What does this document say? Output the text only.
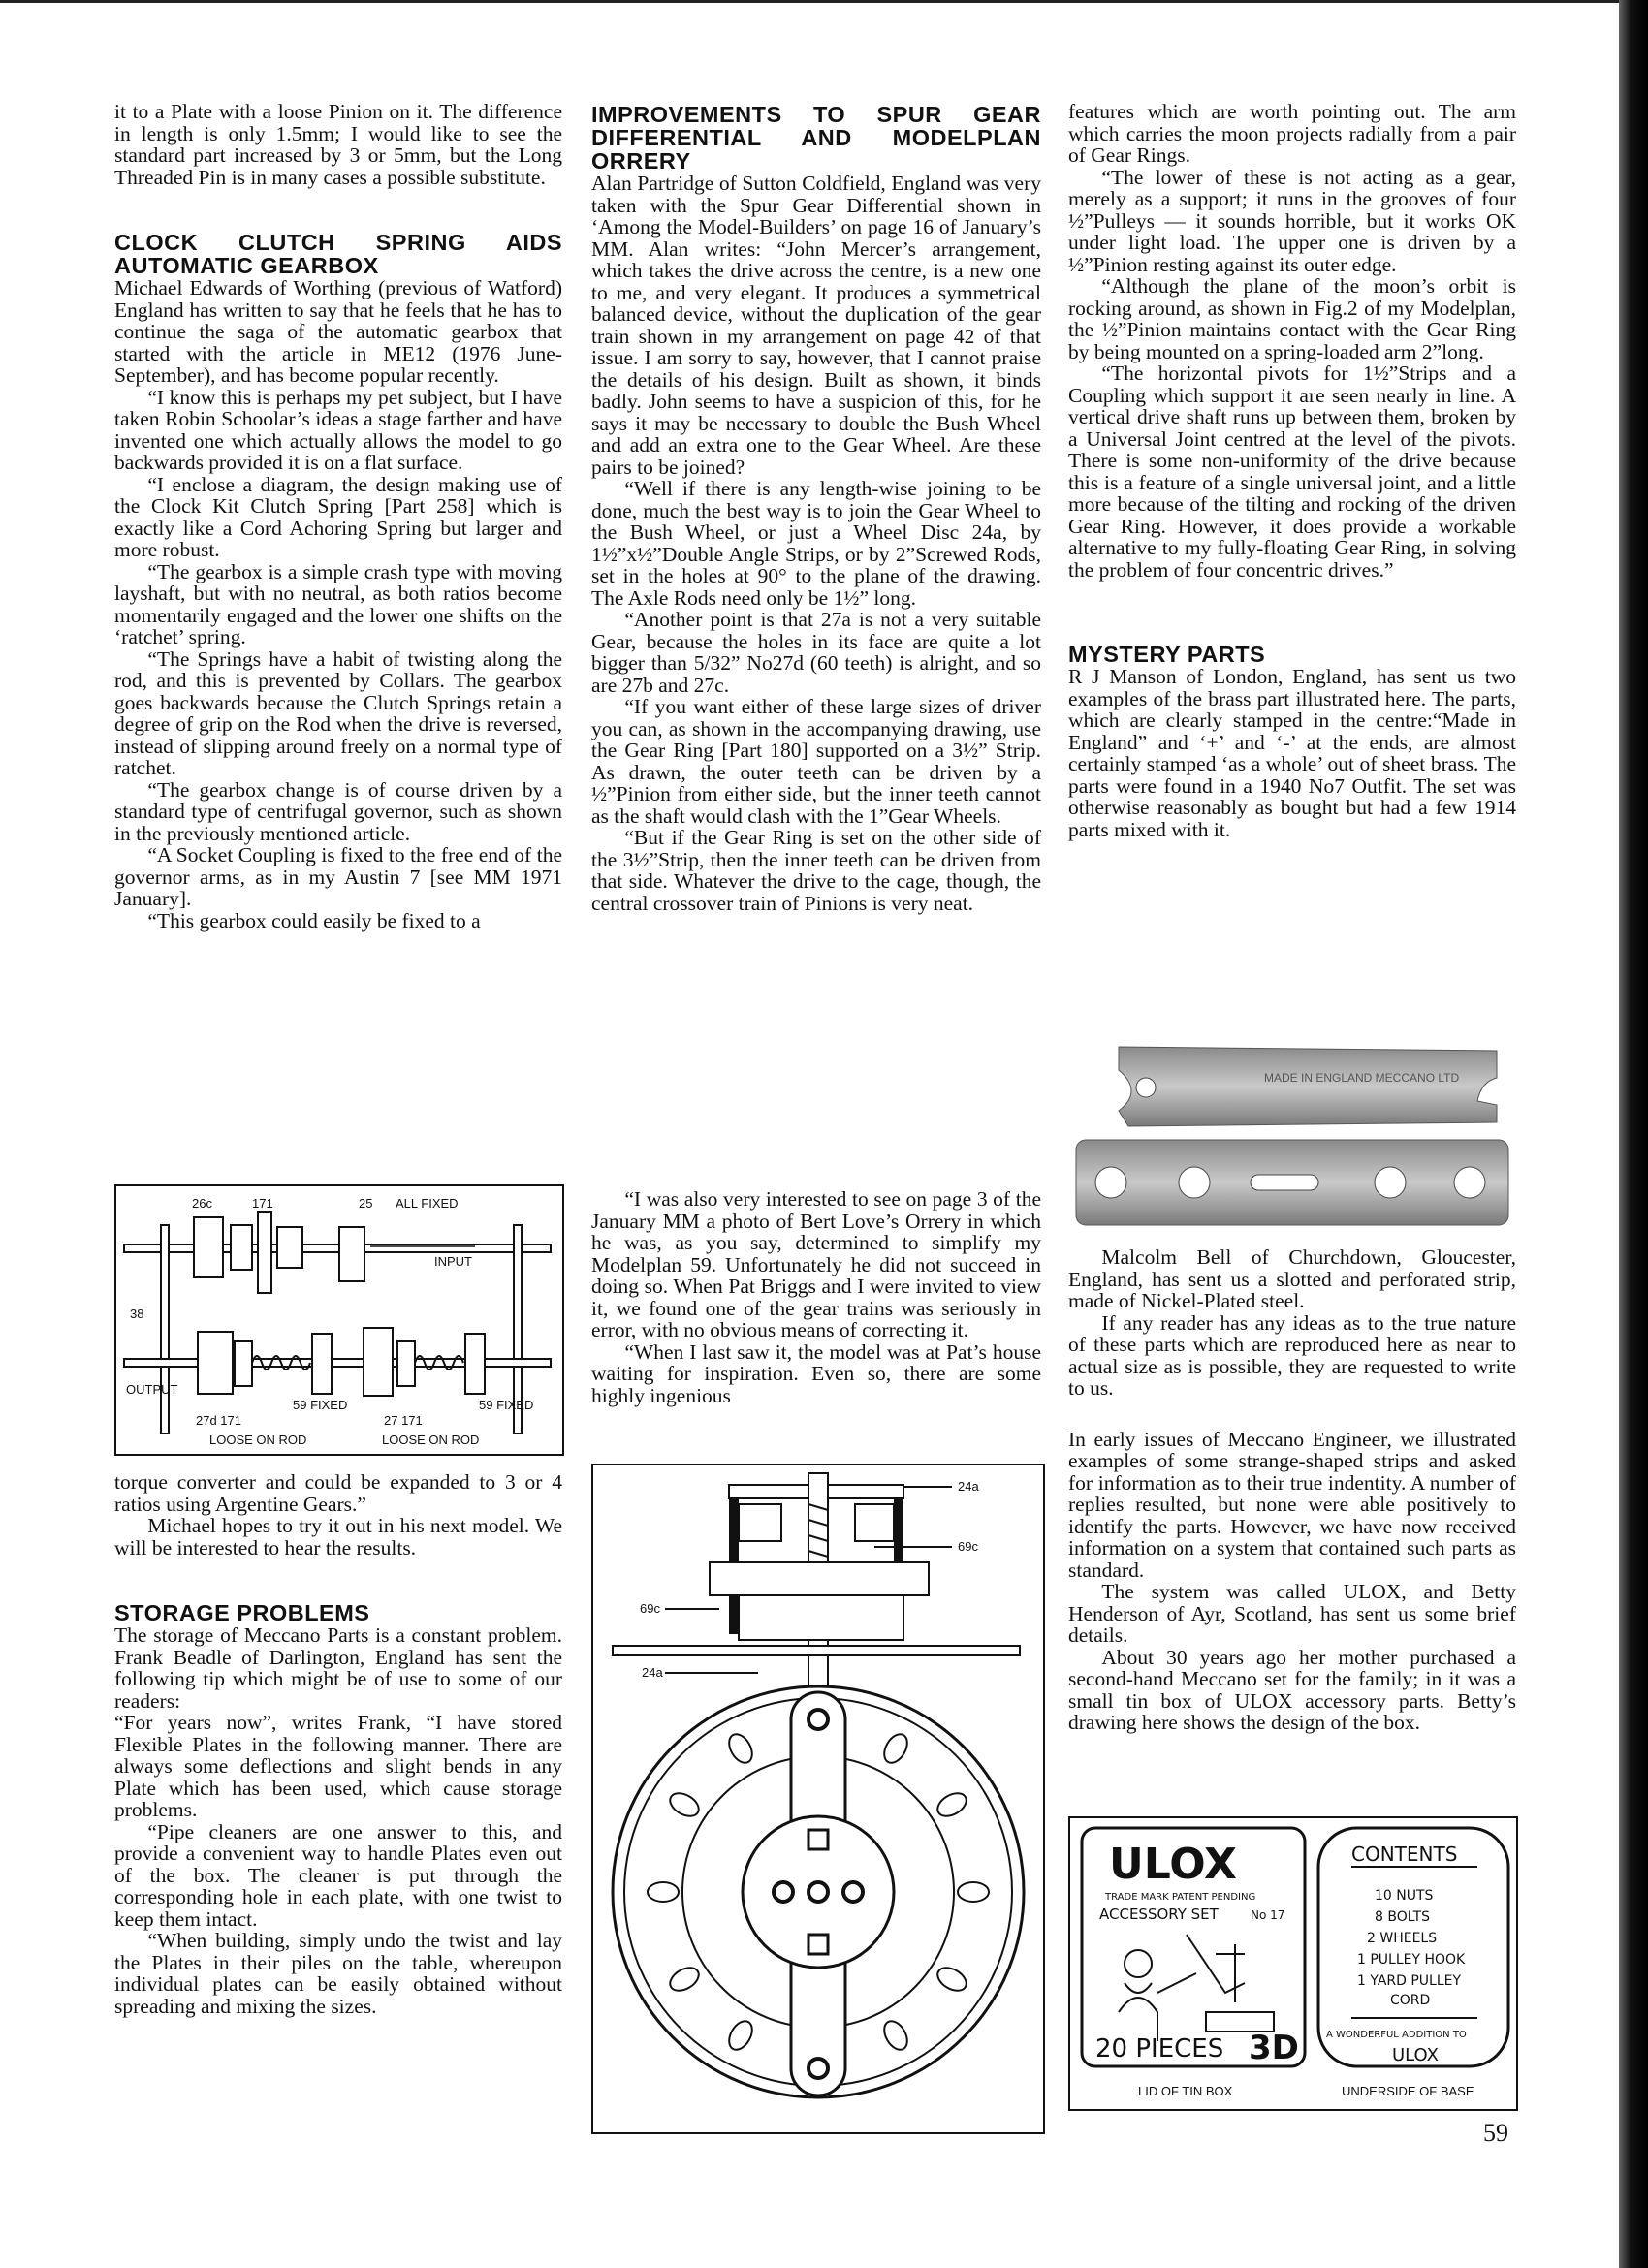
it to a Plate with a loose Pinion on it. The difference in length is only 1.5mm; I would like to see the standard part increased by 3 or 5mm, but the Long Threaded Pin is in many cases a possible substitute.

CLOCK CLUTCH SPRING AIDS AUTOMATIC GEARBOX

Michael Edwards of Worthing (previous of Watford) England has written to say that he feels that he has to continue the saga of the automatic gearbox that started with the article in ME12 (1976 June-September), and has become popular recently.

“I know this is perhaps my pet subject, but I have taken Robin Schoolar’s ideas a stage farther and have invented one which actually allows the model to go backwards provided it is on a flat surface.

“I enclose a diagram, the design making use of the Clock Kit Clutch Spring [Part 258] which is exactly like a Cord Achoring Spring but larger and more robust.

“The gearbox is a simple crash type with moving layshaft, but with no neutral, as both ratios become momentarily engaged and the lower one shifts on the ‘ratchet’ spring.

“The Springs have a habit of twisting along the rod, and this is prevented by Collars. The gearbox goes backwards because the Clutch Springs retain a degree of grip on the Rod when the drive is reversed, instead of slipping around freely on a normal type of ratchet.

“The gearbox change is of course driven by a standard type of centrifugal governor, such as shown in the previously mentioned article.

“A Socket Coupling is fixed to the free end of the governor arms, as in my Austin 7 [see MM 1971 January].

“This gearbox could easily be fixed to a

26c	171	25 ALL FIXED
INPUT
38
OUTPUT
59 FIXED	59 FIXED
27d 171	27 171
LOOSE ON ROD	LOOSE ON ROD

torque converter and could be expanded to 3 or 4 ratios using Argentine Gears.”

Michael hopes to try it out in his next model. We will be interested to hear the results.

STORAGE PROBLEMS

The storage of Meccano Parts is a constant problem. Frank Beadle of Darlington, England has sent the following tip which might be of use to some of our readers:

“For years now”, writes Frank, “I have stored Flexible Plates in the following manner. There are always some deflections and slight bends in any Plate which has been used, which cause storage problems.

“Pipe cleaners are one answer to this, and provide a convenient way to handle Plates even out of the box. The cleaner is put through the corresponding hole in each plate, with one twist to keep them intact.

“When building, simply undo the twist and lay the Plates in their piles on the table, whereupon individual plates can be easily obtained without spreading and mixing the sizes.

IMPROVEMENTS TO SPUR GEAR DIFFERENTIAL AND MODELPLAN ORRERY

Alan Partridge of Sutton Coldfield, England was very taken with the Spur Gear Differential shown in ‘Among the Model-Builders’ on page 16 of January’s MM. Alan writes: “John Mercer’s arrangement, which takes the drive across the centre, is a new one to me, and very elegant. It produces a symmetrical balanced device, without the duplication of the gear train shown in my arrangement on page 42 of that issue. I am sorry to say, however, that I cannot praise the details of his design. Built as shown, it binds badly. John seems to have a suspicion of this, for he says it may be necessary to double the Bush Wheel and add an extra one to the Gear Wheel. Are these pairs to be joined?

“Well if there is any length-wise joining to be done, much the best way is to join the Gear Wheel to the Bush Wheel, or just a Wheel Disc 24a, by 1½”x½”Double Angle Strips, or by 2”Screwed Rods, set in the holes at 90° to the plane of the drawing. The Axle Rods need only be 1½” long.

“Another point is that 27a is not a very suitable Gear, because the holes in its face are quite a lot bigger than 5/32” No27d (60 teeth) is alright, and so are 27b and 27c.

“If you want either of these large sizes of driver you can, as shown in the accompanying drawing, use the Gear Ring [Part 180] supported on a 3½” Strip. As drawn, the outer teeth can be driven by a ½”Pinion from either side, but the inner teeth cannot as the shaft would clash with the 1”Gear Wheels.

“But if the Gear Ring is set on the other side of the 3½”Strip, then the inner teeth can be driven from that side. Whatever the drive to the cage, though, the central crossover train of Pinions is very neat.

“I was also very interested to see on page 3 of the January MM a photo of Bert Love’s Orrery in which he was, as you say, determined to simplify my Modelplan 59. Unfortunately he did not succeed in doing so. When Pat Briggs and I were invited to view it, we found one of the gear trains was seriously in error, with no obvious means of correcting it.

“When I last saw it, the model was at Pat’s house waiting for inspiration. Even so, there are some highly ingenious

24a
69c
69c
24a

features which are worth pointing out. The arm which carries the moon projects radially from a pair of Gear Rings.

“The lower of these is not acting as a gear, merely as a support; it runs in the grooves of four ½”Pulleys — it sounds horrible, but it works OK under light load. The upper one is driven by a ½”Pinion resting against its outer edge.

“Although the plane of the moon’s orbit is rocking around, as shown in Fig.2 of my Modelplan, the ½”Pinion maintains contact with the Gear Ring by being mounted on a spring-loaded arm 2”long.

“The horizontal pivots for 1½”Strips and a Coupling which support it are seen nearly in line. A vertical drive shaft runs up between them, broken by a Universal Joint centred at the level of the pivots. There is some non-uniformity of the drive because this is a feature of a single universal joint, and a little more because of the tilting and rocking of the driven Gear Ring. However, it does provide a workable alternative to my fully-floating Gear Ring, in solving the problem of four concentric drives.”

MYSTERY PARTS

R J Manson of London, England, has sent us two examples of the brass part illustrated here. The parts, which are clearly stamped in the centre:“Made in England” and ‘+’ and ‘-’ at the ends, are almost certainly stamped ‘as a whole’ out of sheet brass. The parts were found in a 1940 No7 Outfit. The set was otherwise reasonably as bought but had a few 1914 parts mixed with it.

MADE IN ENGLAND MECCANO LTD

Malcolm Bell of Churchdown, Gloucester, England, has sent us a slotted and perforated strip, made of Nickel-Plated steel.

If any reader has any ideas as to the true nature of these parts which are reproduced here as near to actual size as is possible, they are requested to write to us.

In early issues of Meccano Engineer, we illustrated examples of some strange-shaped strips and asked for information as to their true indentity. A number of replies resulted, but none were able positively to identify the parts. However, we have now received information on a system that contained such parts as standard.

The system was called ULOX, and Betty Henderson of Ayr, Scotland, has sent us some brief details.

About 30 years ago her mother purchased a second-hand Meccano set for the family; in it was a small tin box of ULOX accessory parts. Betty’s drawing here shows the design of the box.

ULOX
TRADE MARK PATENT PENDING
ACCESSORY SET	No 17
20 PIECES 3D
CONTENTS
10 NUTS
8 BOLTS
2 WHEELS
1 PULLEY HOOK
1 YARD PULLEY
CORD
A WONDERFUL ADDITION TO
ULOX
LID OF TIN BOX	UNDERSIDE OF BASE
59
